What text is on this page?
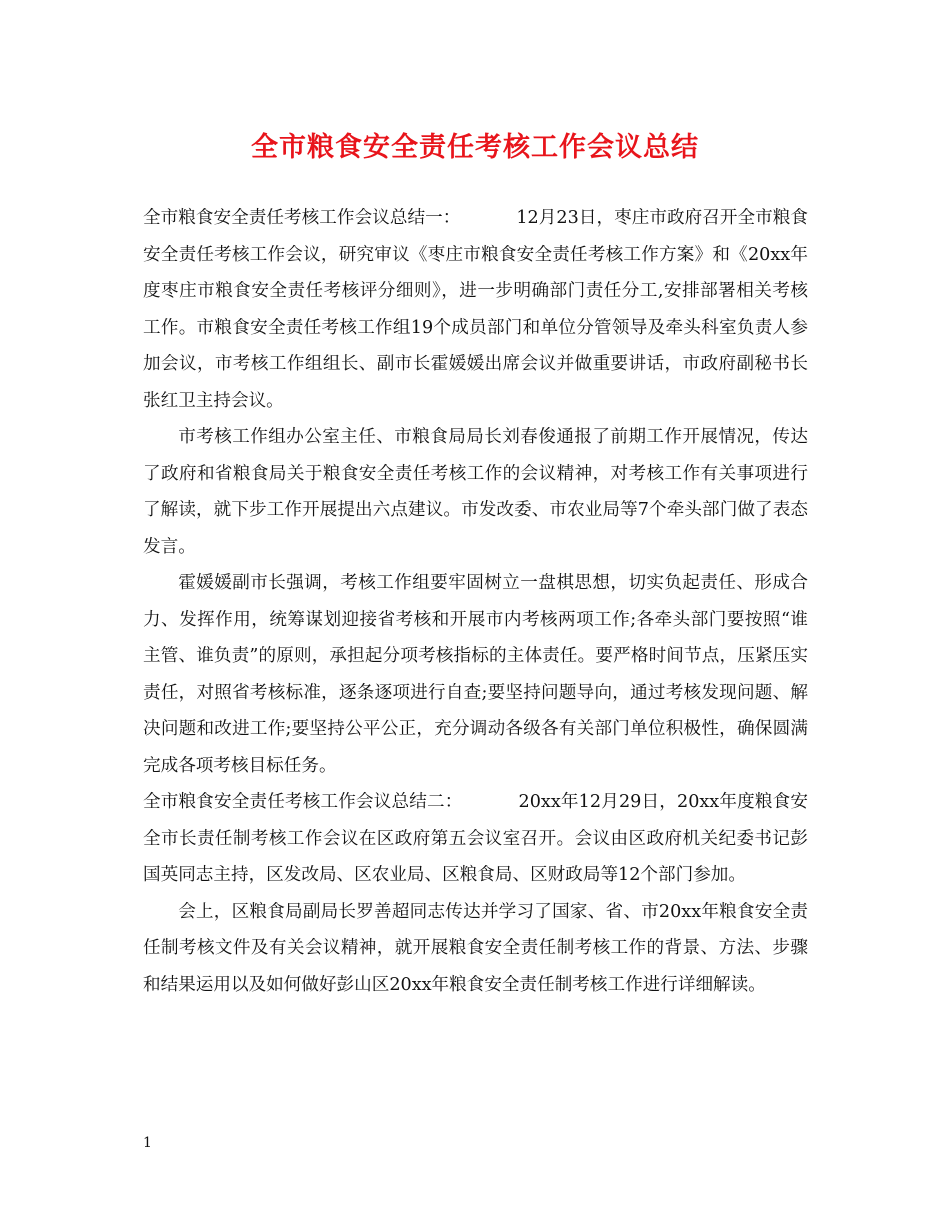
全市粮食安全责任考核工作会议总结

全市粮食安全责任考核工作会议总结一：	12月23日，枣庄市政府召开全市粮食安全责任考核工作会议，研究审议《枣庄市粮食安全责任考核工作方案》和《20xx年度枣庄市粮食安全责任考核评分细则》，进一步明确部门责任分工,安排部署相关考核工作。市粮食安全责任考核工作组19个成员部门和单位分管领导及牵头科室负责人参加会议，市考核工作组组长、副市长霍媛媛出席会议并做重要讲话，市政府副秘书长张红卫主持会议。

市考核工作组办公室主任、市粮食局局长刘春俊通报了前期工作开展情况，传达了政府和省粮食局关于粮食安全责任考核工作的会议精神，对考核工作有关事项进行了解读，就下步工作开展提出六点建议。市发改委、市农业局等7个牵头部门做了表态发言。

霍媛媛副市长强调，考核工作组要牢固树立一盘棋思想，切实负起责任、形成合力、发挥作用，统筹谋划迎接省考核和开展市内考核两项工作;各牵头部门要按照“谁主管、谁负责”的原则，承担起分项考核指标的主体责任。要严格时间节点，压紧压实责任，对照省考核标准，逐条逐项进行自查;要坚持问题导向，通过考核发现问题、解决问题和改进工作;要坚持公平公正，充分调动各级各有关部门单位积极性，确保圆满完成各项考核目标任务。

全市粮食安全责任考核工作会议总结二：	20xx年12月29日，20xx年度粮食安全市长责任制考核工作会议在区政府第五会议室召开。会议由区政府机关纪委书记彭国英同志主持，区发改局、区农业局、区粮食局、区财政局等12个部门参加。

会上，区粮食局副局长罗善超同志传达并学习了国家、省、市20xx年粮食安全责任制考核文件及有关会议精神，就开展粮食安全责任制考核工作的背景、方法、步骤和结果运用以及如何做好彭山区20xx年粮食安全责任制考核工作进行详细解读。

1
